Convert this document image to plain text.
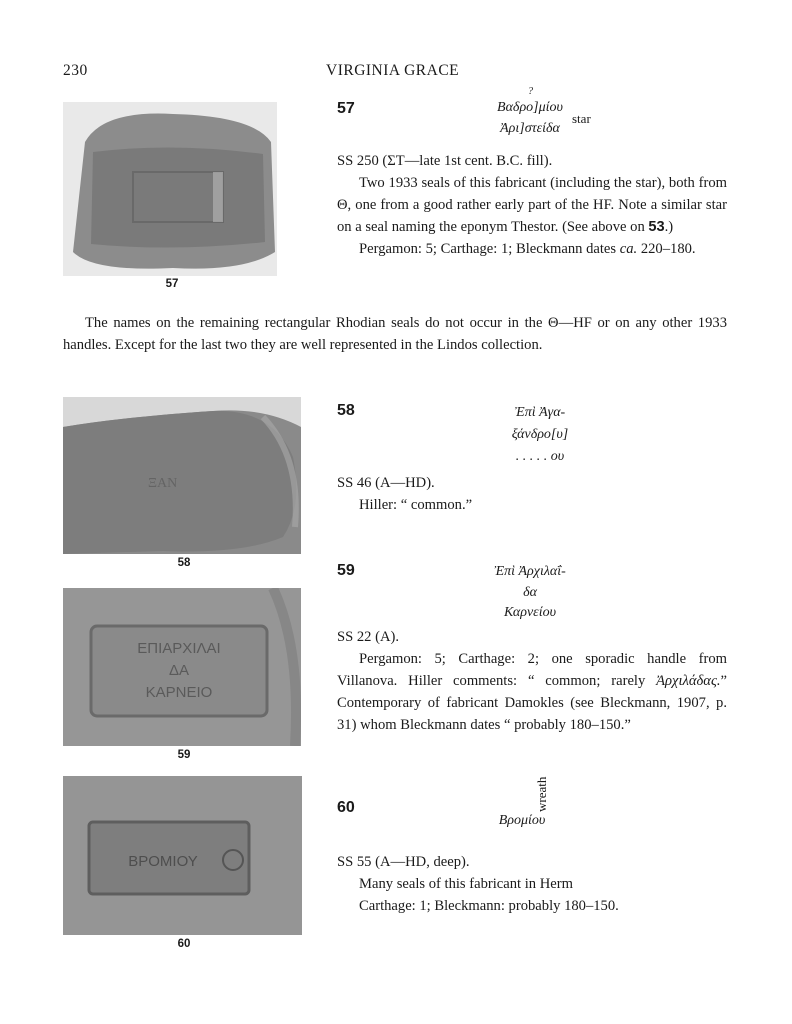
230	VIRGINIA GRACE
57
57
?
Βαδρο]μίου
Ἀρι]στείδα
star

SS 250 (ΣΤ—late 1st cent. B.C. fill).

Two 1933 seals of this fabricant (including the star), both from Θ, one from a good rather early part of the HF. Note a similar star on a seal naming the eponym Thestor. (See above on 53.)

Pergamon: 5; Carthage: 1; Bleckmann dates ca. 220–180.

The names on the remaining rectangular Rhodian seals do not occur in the Θ—HF or on any other 1933 handles. Except for the last two they are well represented in the Lindos collection.

ΞΑΝ
58
58	Ἐπὶ Ἀγα-
ξάνδρο[υ]
. . . . . ου

SS 46 (A—HD).

Hiller: “ common.”

ΕΠΙΑΡΧΙΛΑΙ
ΔΑ
ΚΑΡΝΕΙΟ
59
59	Ἐπὶ Ἀρχιλαΐ-
δα
Καρνείου

SS 22 (A).

Pergamon: 5; Carthage: 2; one sporadic handle from Villanova. Hiller comments: “ common; rarely Ἀρχιλάδας.” Contemporary of fabricant Damokles (see Bleckmann, 1907, p. 31) whom Bleckmann dates “ probably 180–150.”

ΒΡΟΜΙΟΥ
60
60
Βρομίου
wreath

SS 55 (A—HD, deep).

Many seals of this fabricant in Herm

Carthage: 1; Bleckmann: probably 180–150.
